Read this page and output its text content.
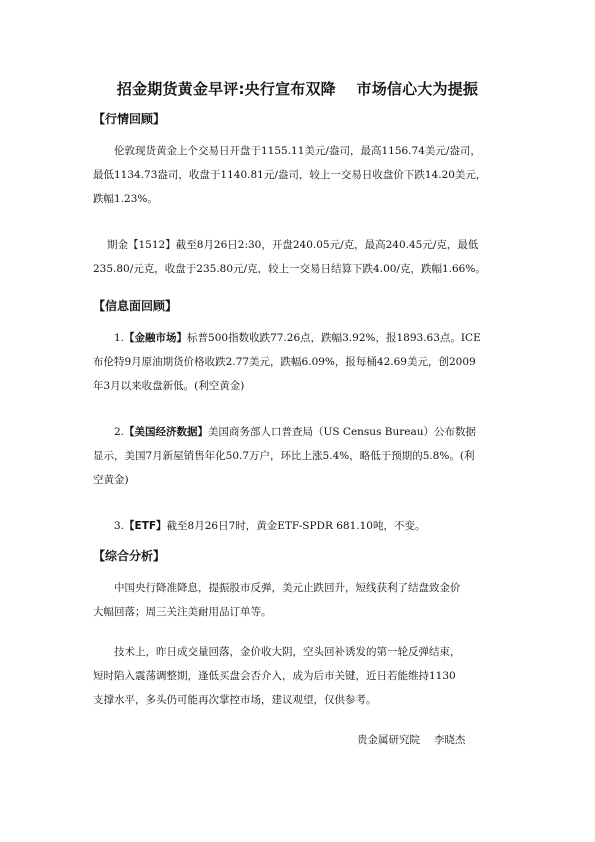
招金期货黄金早评:央行宣布双降　 市场信心大为提振
【行情回顾】
伦敦现货黄金上个交易日开盘于1155.11美元/盎司，最高1156.74美元/盎司，
最低1134.73盎司，收盘于1140.81元/盎司，较上一交易日收盘价下跌14.20美元，
跌幅1.23%。
期金【1512】截至8月26日2:30，开盘240.05元/克，最高240.45元/克，最低
235.80/元克，收盘于235.80元/克，较上一交易日结算下跌4.00/克，跌幅1.66%。
【信息面回顾】
1.【金融市场】标普500指数收跌77.26点，跌幅3.92%，报1893.63点。ICE
布伦特9月原油期货价格收跌2.77美元，跌幅6.09%，报每桶42.69美元，创2009
年3月以来收盘新低。(利空黄金)
2.【美国经济数据】美国商务部人口普查局（US Census Bureau）公布数据
显示，美国7月新屋销售年化50.7万户，环比上涨5.4%，略低于预期的5.8%。(利
空黄金)
3.【ETF】截至8月26日7时，黄金ETF-SPDR 681.10吨，不变。
【综合分析】
中国央行降准降息，提振股市反弹，美元止跌回升，短线获利了结盘致金价
大幅回落；周三关注美耐用品订单等。
技术上，昨日成交量回落，金价收大阴，空头回补诱发的第一轮反弹结束，
短时陷入震荡调整期，逢低买盘会否介入，成为后市关键，近日若能维持1130
支撑水平，多头仍可能再次掌控市场，建议观望，仅供参考。
贵金属研究院　 李晓杰
